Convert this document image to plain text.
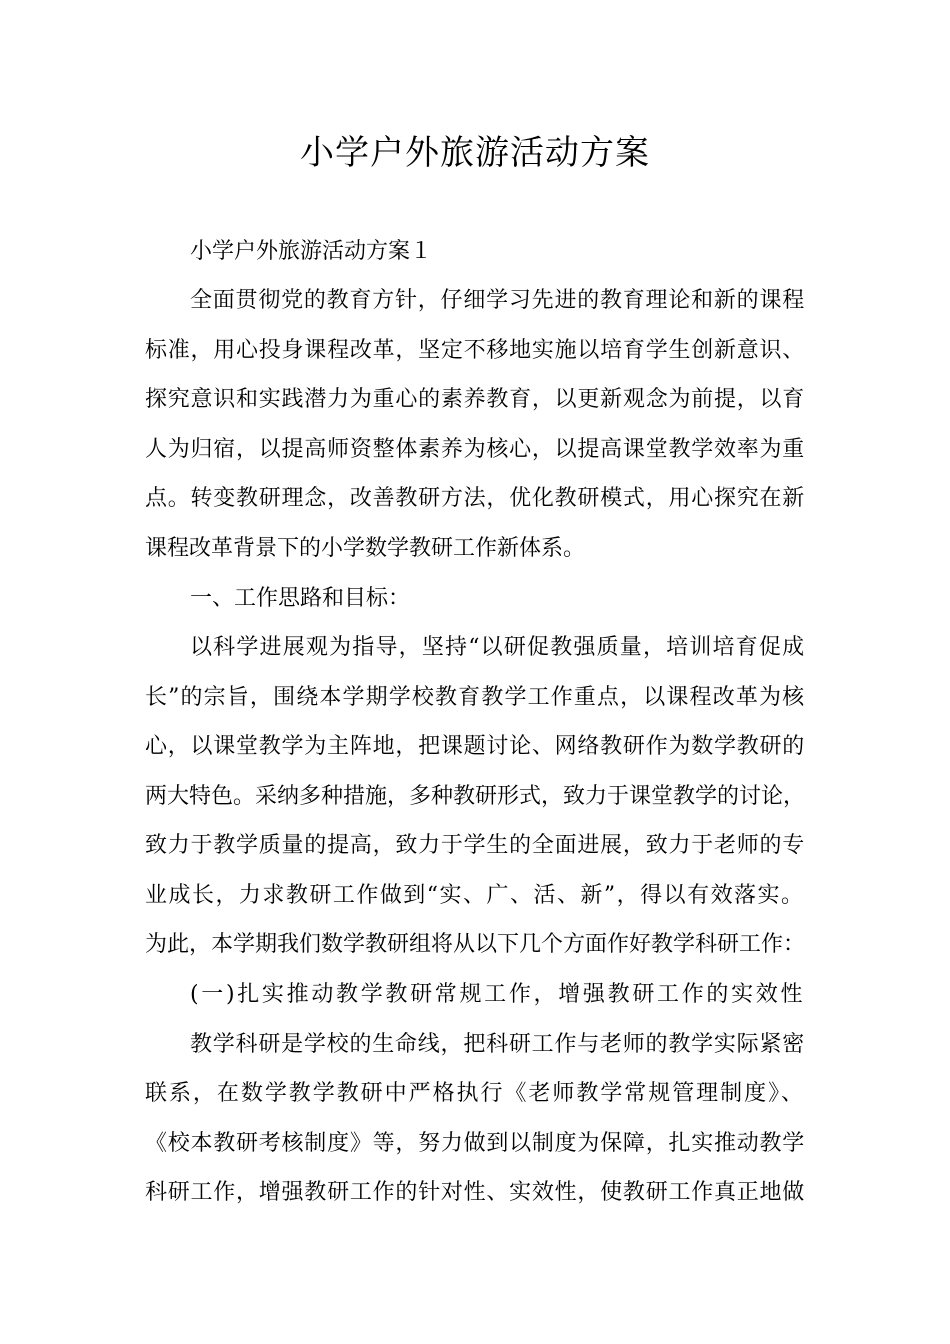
小学户外旅游活动方案

小学户外旅游活动方案１

全面贯彻党的教育方针，仔细学习先进的教育理论和新的课程

标准，用心投身课程改革，坚定不移地实施以培育学生创新意识、

探究意识和实践潜力为重心的素养教育，以更新观念为前提，以育

人为归宿，以提高师资整体素养为核心，以提高课堂教学效率为重

点。转变教研理念，改善教研方法，优化教研模式，用心探究在新

课程改革背景下的小学数学教研工作新体系。

一、工作思路和目标：

以科学进展观为指导，坚持“以研促教强质量，培训培育促成

长”的宗旨，围绕本学期学校教育教学工作重点，以课程改革为核

心，以课堂教学为主阵地，把课题讨论、网络教研作为数学教研的

两大特色。采纳多种措施，多种教研形式，致力于课堂教学的讨论，

致力于教学质量的提高，致力于学生的全面进展，致力于老师的专

业成长，力求教研工作做到“实、广、活、新”，得以有效落实。

为此，本学期我们数学教研组将从以下几个方面作好教学科研工作：

(一)扎实推动教学教研常规工作，增强教研工作的实效性

教学科研是学校的生命线，把科研工作与老师的教学实际紧密

联系，在数学教学教研中严格执行《老师教学常规管理制度》、

《校本教研考核制度》等，努力做到以制度为保障，扎实推动教学

科研工作，增强教研工作的针对性、实效性，使教研工作真正地做
